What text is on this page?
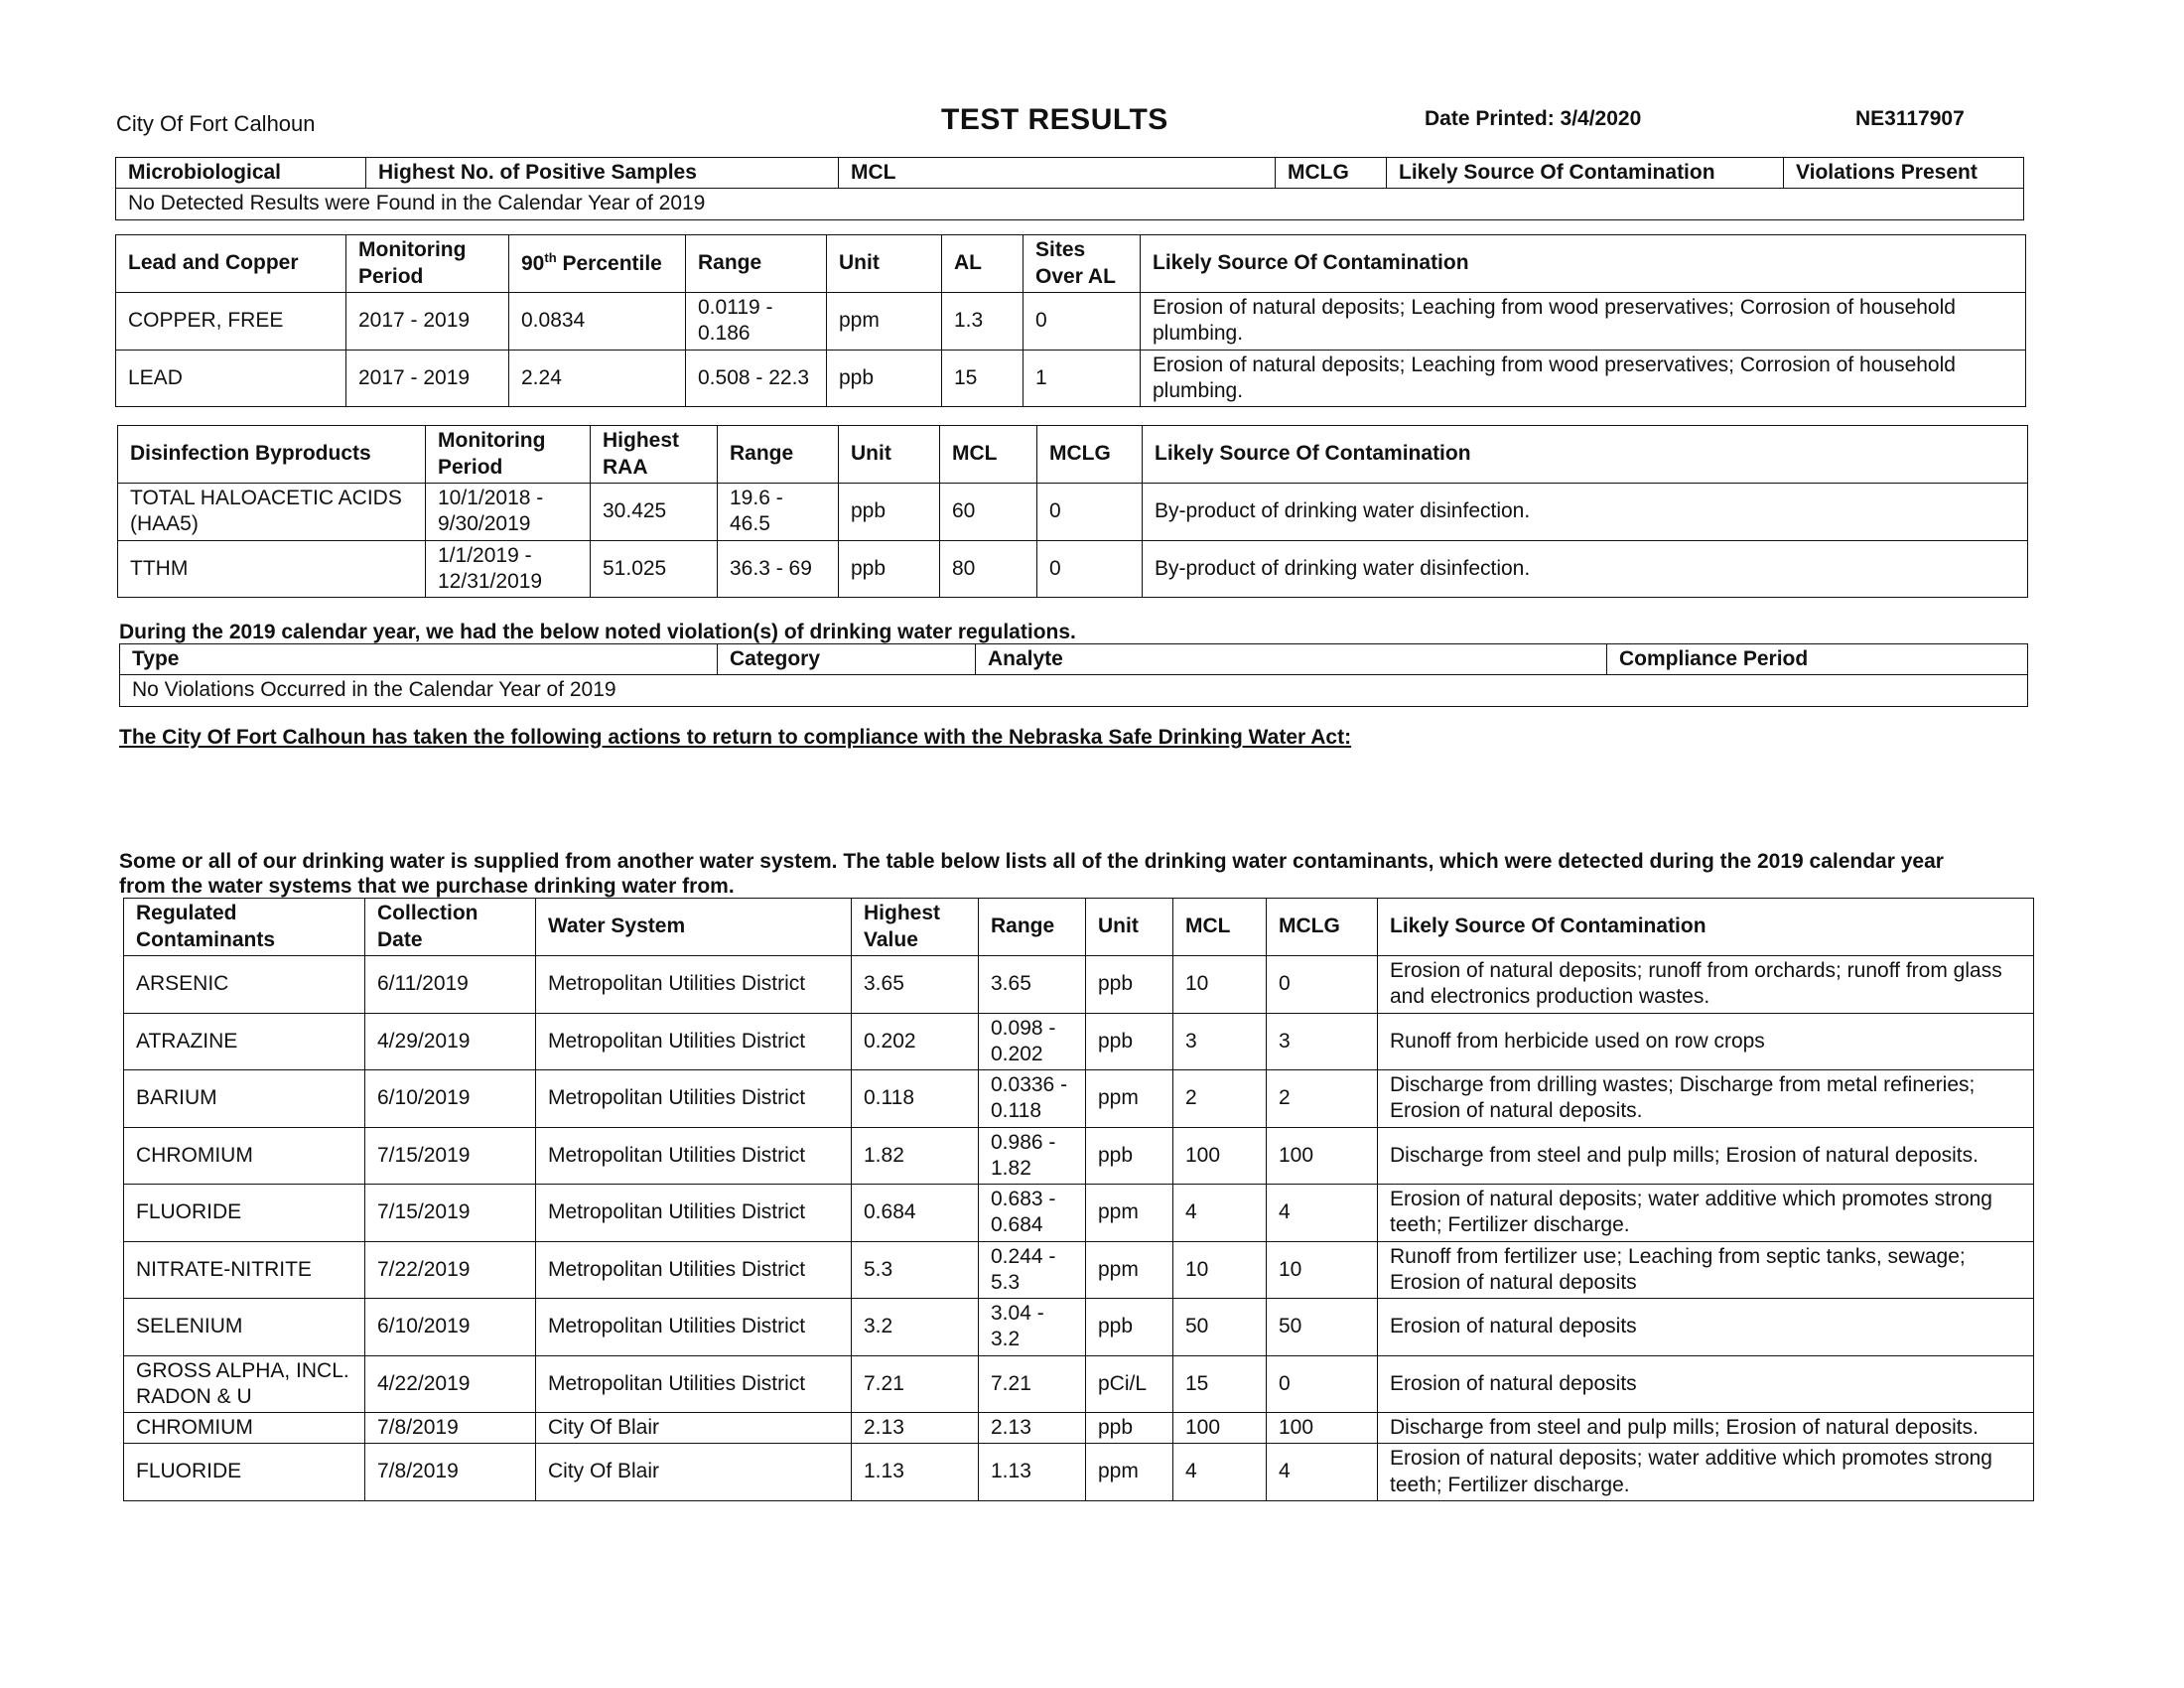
City Of Fort Calhoun	TEST RESULTS	Date Printed: 3/4/2020	NE3117907
Microbiological	Highest No. of Positive Samples	MCL	MCLG	Likely Source Of Contamination	Violations Present
No Detected Results were Found in the Calendar Year of 2019
Lead and Copper	Monitoring Period	90th Percentile	Range	Unit	AL	Sites Over AL	Likely Source Of Contamination
COPPER, FREE	2017 - 2019	0.0834	0.0119 - 0.186	ppm	1.3	0	Erosion of natural deposits; Leaching from wood preservatives; Corrosion of household plumbing.
LEAD	2017 - 2019	2.24	0.508 - 22.3	ppb	15	1	Erosion of natural deposits; Leaching from wood preservatives; Corrosion of household plumbing.
Disinfection Byproducts	Monitoring Period	Highest RAA	Range	Unit	MCL	MCLG	Likely Source Of Contamination
TOTAL HALOACETIC ACIDS (HAA5)	10/1/2018 - 9/30/2019	30.425	19.6 - 46.5	ppb	60	0	By-product of drinking water disinfection.
TTHM	1/1/2019 - 12/31/2019	51.025	36.3 - 69	ppb	80	0	By-product of drinking water disinfection.
During the 2019 calendar year, we had the below noted violation(s) of drinking water regulations.
Type	Category	Analyte	Compliance Period
No Violations Occurred in the Calendar Year of 2019
The City Of Fort Calhoun has taken the following actions to return to compliance with the Nebraska Safe Drinking Water Act:
Some or all of our drinking water is supplied from another water system. The table below lists all of the drinking water contaminants, which were detected during the 2019 calendar year
from the water systems that we purchase drinking water from.
Regulated Contaminants	Collection Date	Water System	Highest Value	Range	Unit	MCL	MCLG	Likely Source Of Contamination
ARSENIC	6/11/2019	Metropolitan Utilities District	3.65	3.65	ppb	10	0	Erosion of natural deposits; runoff from orchards; runoff from glass and electronics production wastes.
ATRAZINE	4/29/2019	Metropolitan Utilities District	0.202	0.098 - 0.202	ppb	3	3	Runoff from herbicide used on row crops
BARIUM	6/10/2019	Metropolitan Utilities District	0.118	0.0336 - 0.118	ppm	2	2	Discharge from drilling wastes; Discharge from metal refineries; Erosion of natural deposits.
CHROMIUM	7/15/2019	Metropolitan Utilities District	1.82	0.986 - 1.82	ppb	100	100	Discharge from steel and pulp mills; Erosion of natural deposits.
FLUORIDE	7/15/2019	Metropolitan Utilities District	0.684	0.683 - 0.684	ppm	4	4	Erosion of natural deposits; water additive which promotes strong teeth; Fertilizer discharge.
NITRATE-NITRITE	7/22/2019	Metropolitan Utilities District	5.3	0.244 - 5.3	ppm	10	10	Runoff from fertilizer use; Leaching from septic tanks, sewage; Erosion of natural deposits
SELENIUM	6/10/2019	Metropolitan Utilities District	3.2	3.04 - 3.2	ppb	50	50	Erosion of natural deposits
GROSS ALPHA, INCL. RADON & U	4/22/2019	Metropolitan Utilities District	7.21	7.21	pCi/L	15	0	Erosion of natural deposits
CHROMIUM	7/8/2019	City Of Blair	2.13	2.13	ppb	100	100	Discharge from steel and pulp mills; Erosion of natural deposits.
FLUORIDE	7/8/2019	City Of Blair	1.13	1.13	ppm	4	4	Erosion of natural deposits; water additive which promotes strong teeth; Fertilizer discharge.
